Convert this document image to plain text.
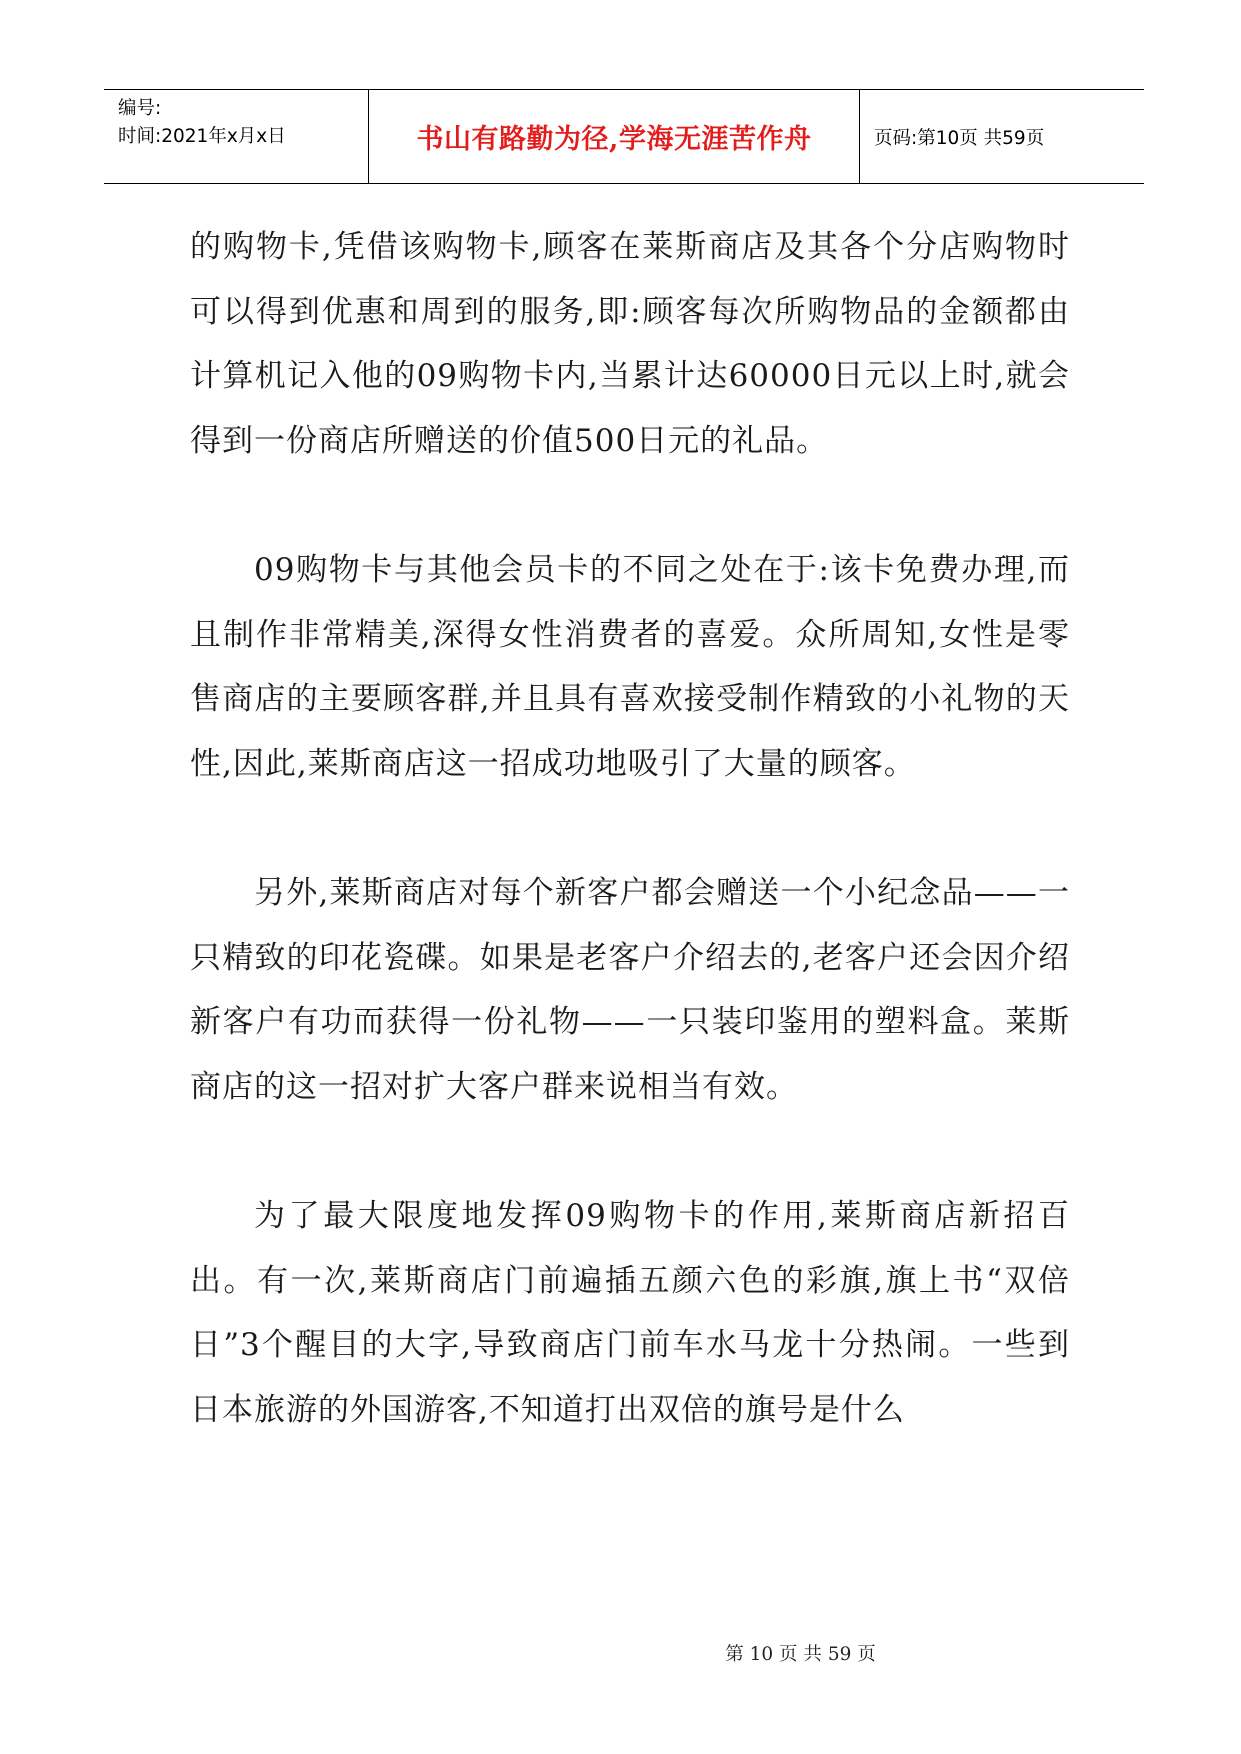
编号:
时间:2021年x月x日	书山有路勤为径,学海无涯苦作舟	页码:第10页 共59页

的购物卡,凭借该购物卡,顾客在莱斯商店及其各个分店购物时可以得到优惠和周到的服务,即:顾客每次所购物品的金额都由计算机记入他的09购物卡内,当累计达60000日元以上时,就会得到一份商店所赠送的价值500日元的礼品。

09购物卡与其他会员卡的不同之处在于:该卡免费办理,而且制作非常精美,深得女性消费者的喜爱。众所周知,女性是零售商店的主要顾客群,并且具有喜欢接受制作精致的小礼物的天性,因此,莱斯商店这一招成功地吸引了大量的顾客。

另外,莱斯商店对每个新客户都会赠送一个小纪念品——一只精致的印花瓷碟。如果是老客户介绍去的,老客户还会因介绍新客户有功而获得一份礼物——一只装印鉴用的塑料盒。莱斯商店的这一招对扩大客户群来说相当有效。

为了最大限度地发挥09购物卡的作用,莱斯商店新招百出。有一次,莱斯商店门前遍插五颜六色的彩旗,旗上书“双倍日”3个醒目的大字,导致商店门前车水马龙十分热闹。一些到日本旅游的外国游客,不知道打出双倍的旗号是什么

第 10 页 共 59 页
